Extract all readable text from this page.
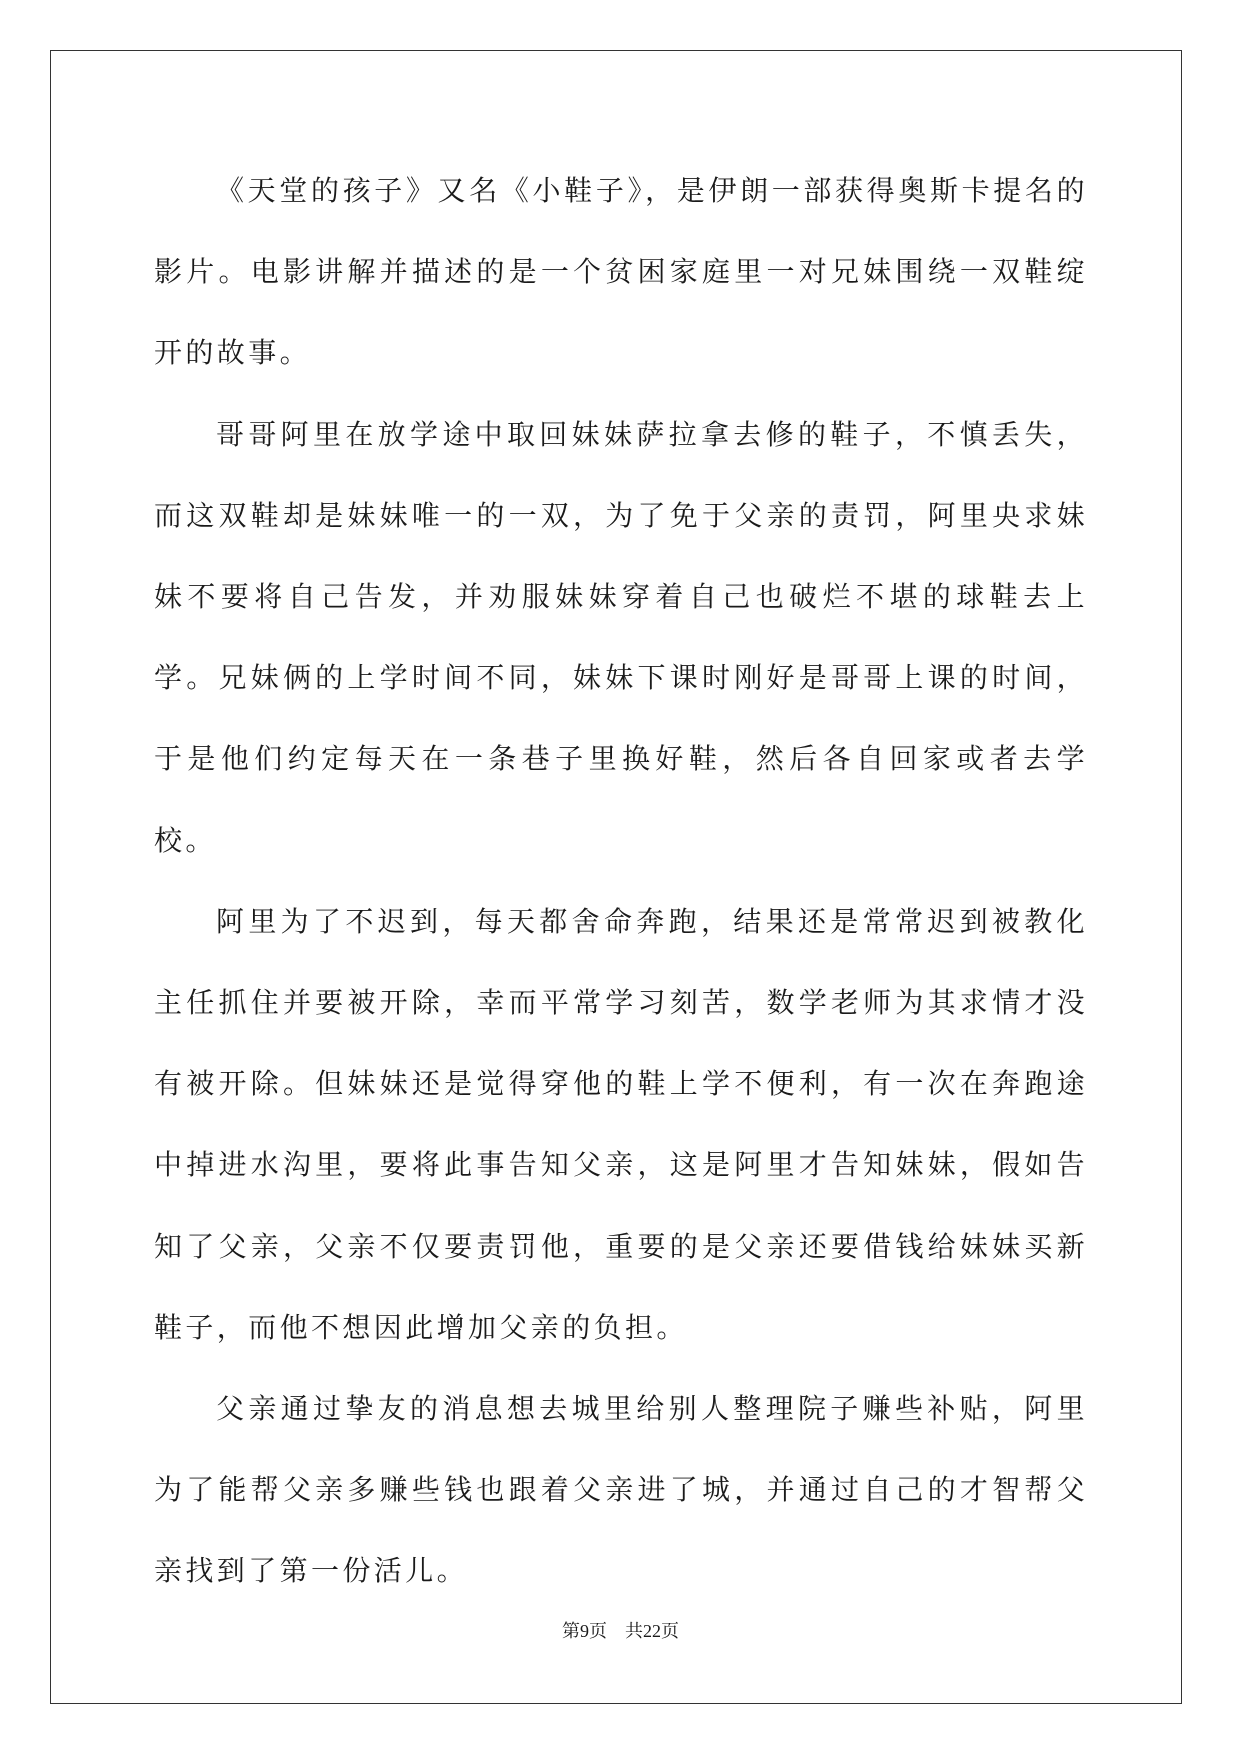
《天堂的孩子》又名《小鞋子》，是伊朗一部获得奥斯卡提名的影片。电影讲解并描述的是一个贫困家庭里一对兄妹围绕一双鞋绽开的故事。

哥哥阿里在放学途中取回妹妹萨拉拿去修的鞋子，不慎丢失，而这双鞋却是妹妹唯一的一双，为了免于父亲的责罚，阿里央求妹妹不要将自己告发，并劝服妹妹穿着自己也破烂不堪的球鞋去上学。兄妹俩的上学时间不同，妹妹下课时刚好是哥哥上课的时间，于是他们约定每天在一条巷子里换好鞋，然后各自回家或者去学校。

阿里为了不迟到，每天都舍命奔跑，结果还是常常迟到被教化主任抓住并要被开除，幸而平常学习刻苦，数学老师为其求情才没有被开除。但妹妹还是觉得穿他的鞋上学不便利，有一次在奔跑途中掉进水沟里，要将此事告知父亲，这是阿里才告知妹妹，假如告知了父亲，父亲不仅要责罚他，重要的是父亲还要借钱给妹妹买新鞋子，而他不想因此增加父亲的负担。

父亲通过挚友的消息想去城里给别人整理院子赚些补贴，阿里为了能帮父亲多赚些钱也跟着父亲进了城，并通过自己的才智帮父亲找到了第一份活儿。

第9页 共22页
